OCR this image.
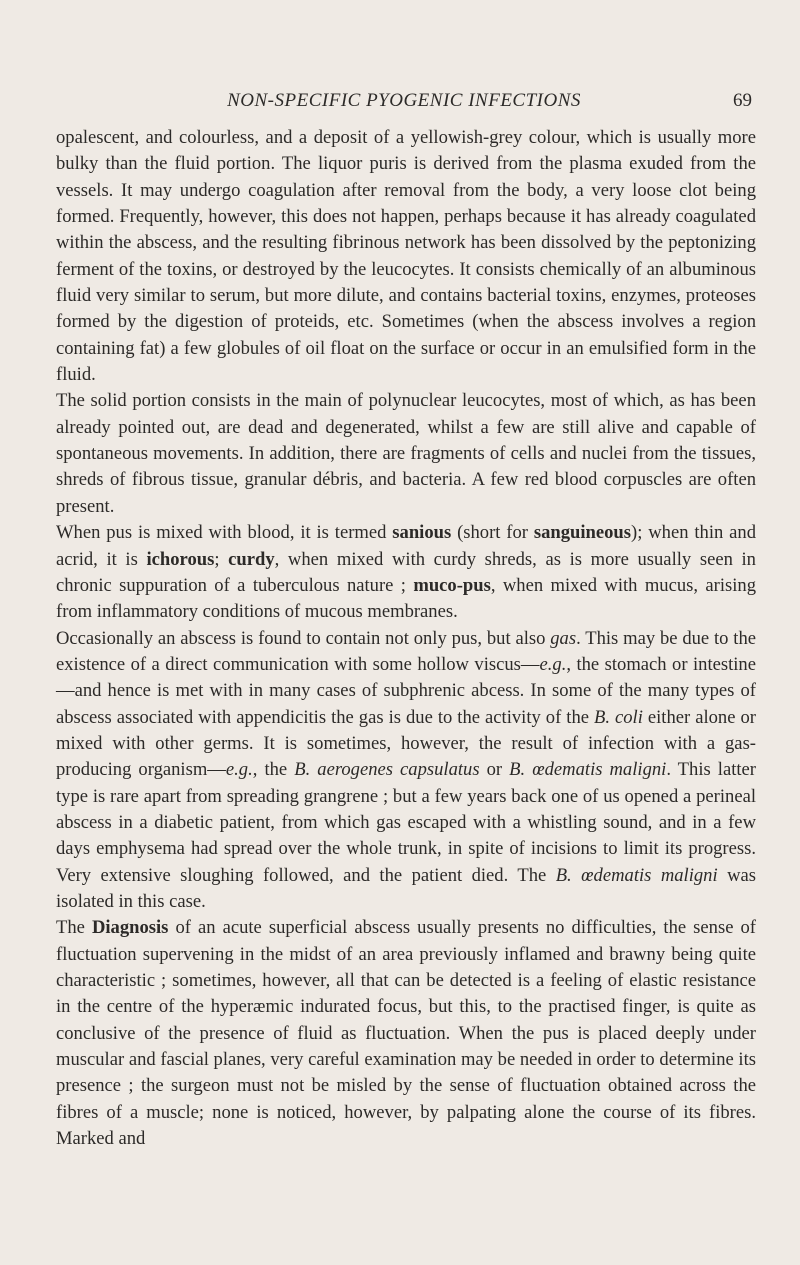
NON-SPECIFIC PYOGENIC INFECTIONS	69

opalescent, and colourless, and a deposit of a yellowish-grey colour, which is usually more bulky than the fluid portion. The liquor puris is derived from the plasma exuded from the vessels. It may undergo coagulation after removal from the body, a very loose clot being formed. Frequently, however, this does not happen, perhaps because it has already coagulated within the abscess, and the resulting fibrinous network has been dissolved by the peptonizing ferment of the toxins, or destroyed by the leucocytes. It consists chemically of an albuminous fluid very similar to serum, but more dilute, and contains bacterial toxins, enzymes, proteoses formed by the digestion of proteids, etc. Sometimes (when the abscess involves a region containing fat) a few globules of oil float on the surface or occur in an emulsified form in the fluid.

The solid portion consists in the main of polynuclear leucocytes, most of which, as has been already pointed out, are dead and degenerated, whilst a few are still alive and capable of spontaneous movements. In addition, there are fragments of cells and nuclei from the tissues, shreds of fibrous tissue, granular débris, and bacteria. A few red blood corpuscles are often present.

When pus is mixed with blood, it is termed sanious (short for sanguineous); when thin and acrid, it is ichorous; curdy, when mixed with curdy shreds, as is more usually seen in chronic suppuration of a tuberculous nature ; muco-pus, when mixed with mucus, arising from inflammatory conditions of mucous membranes.

Occasionally an abscess is found to contain not only pus, but also gas. This may be due to the existence of a direct communication with some hollow viscus—e.g., the stomach or intestine—and hence is met with in many cases of subphrenic abcess. In some of the many types of abscess associated with appendicitis the gas is due to the activity of the B. coli either alone or mixed with other germs. It is sometimes, however, the result of infection with a gas-producing organism—e.g., the B. aerogenes capsulatus or B. œdematis maligni. This latter type is rare apart from spreading grangrene ; but a few years back one of us opened a perineal abscess in a diabetic patient, from which gas escaped with a whistling sound, and in a few days emphysema had spread over the whole trunk, in spite of incisions to limit its progress. Very extensive sloughing followed, and the patient died. The B. œdematis maligni was isolated in this case.

The Diagnosis of an acute superficial abscess usually presents no difficulties, the sense of fluctuation supervening in the midst of an area previously inflamed and brawny being quite characteristic ; sometimes, however, all that can be detected is a feeling of elastic resistance in the centre of the hyperæmic indurated focus, but this, to the practised finger, is quite as conclusive of the presence of fluid as fluctuation. When the pus is placed deeply under muscular and fascial planes, very careful examination may be needed in order to determine its presence ; the surgeon must not be misled by the sense of fluctuation obtained across the fibres of a muscle; none is noticed, however, by palpating alone the course of its fibres. Marked and
